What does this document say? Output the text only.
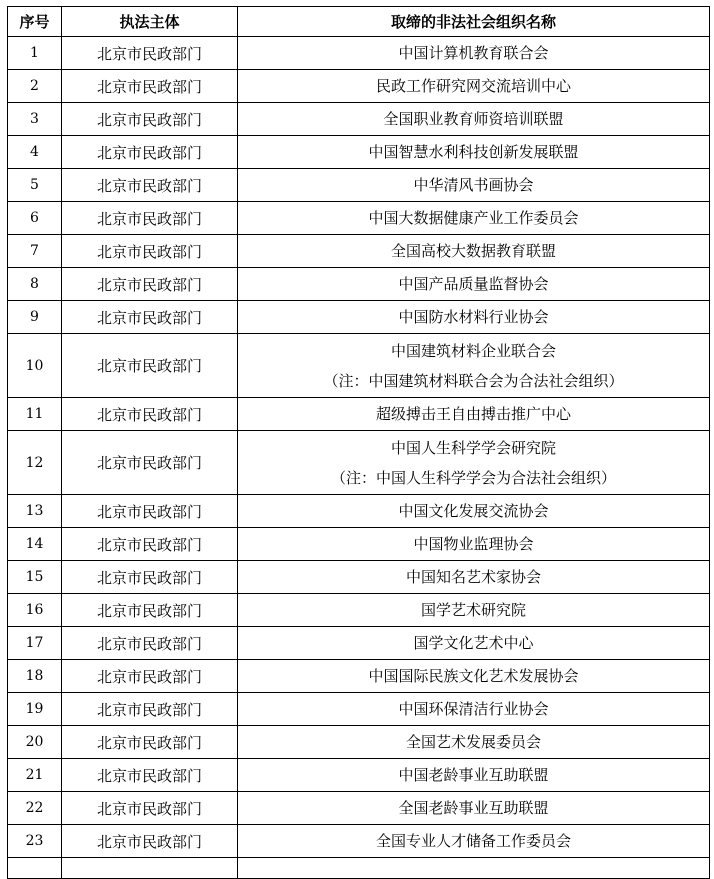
序号	执法主体	取缔的非法社会组织名称
1	北京市民政部门	中国计算机教育联合会

2	北京市民政部门	民政工作研究网交流培训中心

3	北京市民政部门	全国职业教育师资培训联盟

4	北京市民政部门	中国智慧水利科技创新发展联盟

5	北京市民政部门	中华清风书画协会

6	北京市民政部门	中国大数据健康产业工作委员会

7	北京市民政部门	全国高校大数据教育联盟

8	北京市民政部门	中国产品质量监督协会

9	北京市民政部门	中国防水材料行业协会

10	北京市民政部门	中国建筑材料企业联合会
（注：中国建筑材料联合会为合法社会组织）

11	北京市民政部门	超级搏击王自由搏击推广中心

12	北京市民政部门	中国人生科学学会研究院
（注：中国人生科学学会为合法社会组织）

13	北京市民政部门	中国文化发展交流协会

14	北京市民政部门	中国物业监理协会

15	北京市民政部门	中国知名艺术家协会

16	北京市民政部门	国学艺术研究院

17	北京市民政部门	国学文化艺术中心

18	北京市民政部门	中国国际民族文化艺术发展协会

19	北京市民政部门	中国环保清洁行业协会

20	北京市民政部门	全国艺术发展委员会

21	北京市民政部门	中国老龄事业互助联盟

22	北京市民政部门	全国老龄事业互助联盟

23	北京市民政部门	全国专业人才储备工作委员会
